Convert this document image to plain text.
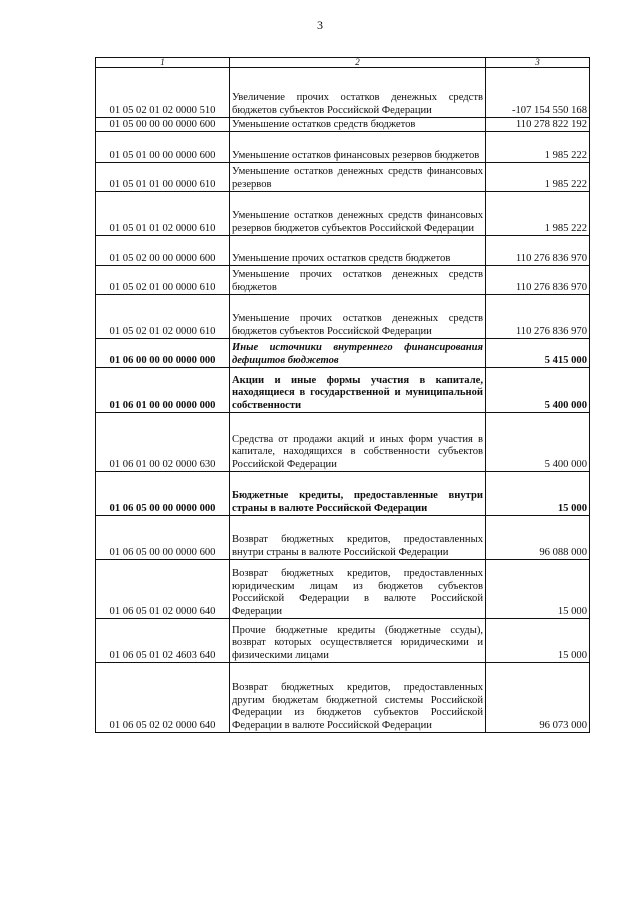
3
1	2	3
01 05 02 01 02 0000 510	Увеличение прочих остатков денежных средств бюджетов субъектов Российской Федерации	-107 154 550 168
01 05 00 00 00 0000 600	Уменьшение остатков средств бюджетов	110 278 822 192
01 05 01 00 00 0000 600	Уменьшение остатков финансовых резервов бюджетов	1 985 222
01 05 01 01 00 0000 610	Уменьшение остатков денежных средств финансовых резервов	1 985 222
01 05 01 01 02 0000 610	Уменьшение остатков денежных средств финансовых резервов бюджетов субъектов Российской Федерации	1 985 222
01 05 02 00 00 0000 600	Уменьшение прочих остатков средств бюджетов	110 276 836 970
01 05 02 01 00 0000 610	Уменьшение прочих остатков денежных средств бюджетов	110 276 836 970
01 05 02 01 02 0000 610	Уменьшение прочих остатков денежных средств бюджетов субъектов Российской Федерации	110 276 836 970
01 06 00 00 00 0000 000	Иные источники внутреннего финансирования дефицитов бюджетов	5 415 000
01 06 01 00 00 0000 000	Акции и иные формы участия в капитале, находящиеся в государственной и муниципальной собственности	5 400 000
01 06 01 00 02 0000 630	Средства от продажи акций и иных форм участия в капитале, находящихся в собственности субъектов Российской Федерации	5 400 000
01 06 05 00 00 0000 000	Бюджетные кредиты, предоставленные внутри страны в валюте Российской Федерации	15 000
01 06 05 00 00 0000 600	Возврат бюджетных кредитов, предоставленных внутри страны в валюте Российской Федерации	96 088 000
01 06 05 01 02 0000 640	Возврат бюджетных кредитов, предоставленных юридическим лицам из бюджетов субъектов Российской Федерации в валюте Российской Федерации	15 000
01 06 05 01 02 4603 640	Прочие бюджетные кредиты (бюджетные ссуды), возврат которых осуществляется юридическими и физическими лицами	15 000
01 06 05 02 02 0000 640	Возврат бюджетных кредитов, предоставленных другим бюджетам бюджетной системы Российской Федерации из бюджетов субъектов Российской Федерации в валюте Российской Федерации	96 073 000
